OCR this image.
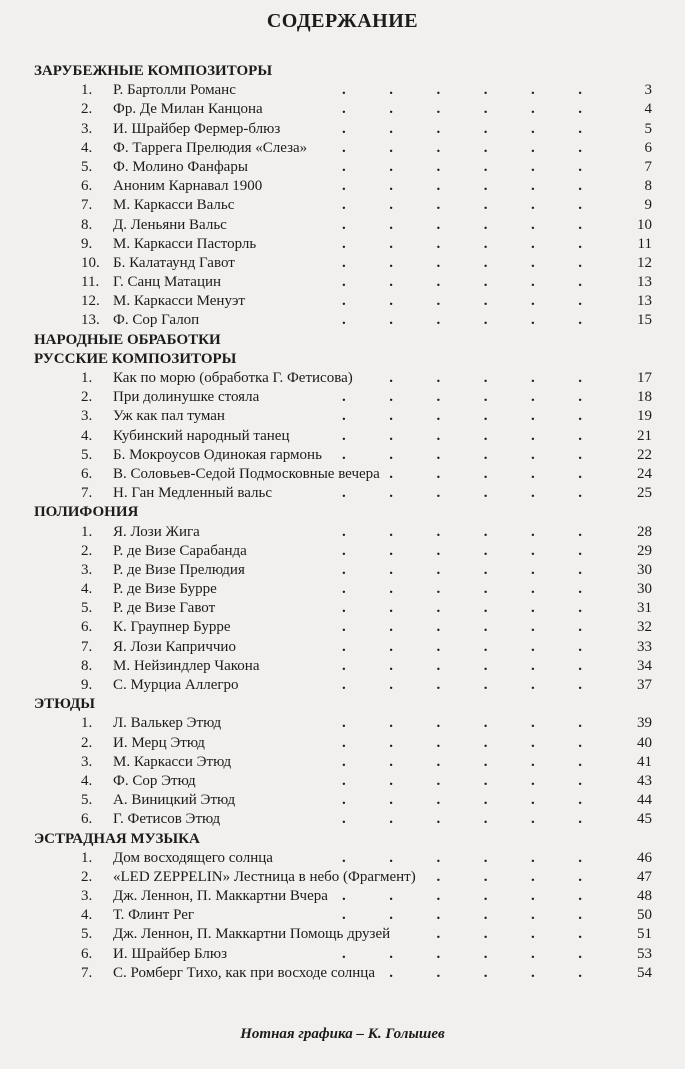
СОДЕРЖАНИЕ
ЗАРУБЕЖНЫЕ КОМПОЗИТОРЫ
.	.	.	.	.	.
1. Р. Бартолли Романс	3
.	.	.	.	.	.
2. Фр. Де Милан Канцона	4
.	.	.	.	.	.
3. И. Шрайбер Фермер-блюз	5
.	.	.	.	.	.
4. Ф. Таррега Прелюдия «Слеза»	6
.	.	.	.	.	.
5. Ф. Молино Фанфары	7
.	.	.	.	.	.
6. Аноним Карнавал 1900	8
.	.	.	.	.	.
7. М. Каркасси Вальс	9
.	.	.	.	.	.
8. Д. Леньяни Вальс	10
.	.	.	.	.	.
9. М. Каркасси Пасторль	11
.	.	.	.	.	.
10. Б. Калатаунд Гавот	12
.	.	.	.	.	.
11. Г. Санц Матацин	13
.	.	.	.	.	.
12. М. Каркасси Менуэт	13
.	.	.	.	.	.
13. Ф. Сор Галоп	15
НАРОДНЫЕ ОБРАБОТКИ
РУССКИЕ КОМПОЗИТОРЫ
.	.	.	.	.
1. Как по морю (обработка Г. Фетисова)	17
.	.	.	.	.	.
2. При долинушке стояла	18
.	.	.	.	.	.
3. Уж как пал туман	19
.	.	.	.	.	.
4. Кубинский народный танец	21
.	.	.	.	.	.
5. Б. Мокроусов Одинокая гармонь	22
.	.	.	.	.
6. В. Соловьев-Седой Подмосковные вечера	24
.	.	.	.	.	.
7. Н. Ган Медленный вальс	25
ПОЛИФОНИЯ
.	.	.	.	.	.
1. Я. Лози Жига	28
.	.	.	.	.	.
2. Р. де Визе Сарабанда	29
.	.	.	.	.	.
3. Р. де Визе Прелюдия	30
.	.	.	.	.	.
4. Р. де Визе Бурре	30
.	.	.	.	.	.
5. Р. де Визе Гавот	31
.	.	.	.	.	.
6. К. Граупнер Бурре	32
.	.	.	.	.	.
7. Я. Лози Каприччио	33
.	.	.	.	.	.
8. М. Нейзиндлер Чакона	34
.	.	.	.	.	.
9. С. Мурциа Аллегро	37
ЭТЮДЫ
.	.	.	.	.	.
1. Л. Валькер Этюд	39
.	.	.	.	.	.
2. И. Мерц Этюд	40
.	.	.	.	.	.
3. М. Каркасси Этюд	41
.	.	.	.	.	.
4. Ф. Сор Этюд	43
.	.	.	.	.	.
5. А. Виницкий Этюд	44
.	.	.	.	.	.
6. Г. Фетисов Этюд	45
ЭСТРАДНАЯ МУЗЫКА
.	.	.	.	.	.
1. Дом восходящего солнца	46
.	.	.	.
2. «LED ZEPPELIN» Лестница в небо (Фрагмент)	47
.	.	.	.	.	.
3. Дж. Леннон, П. Маккартни Вчера	48
.	.	.	.	.	.
4. Т. Флинт Рег	50
.	.	.	.
5. Дж. Леннон, П. Маккартни Помощь друзей	51
.	.	.	.	.	.
6. И. Шрайбер Блюз	53
.	.	.	.	.
7. С. Ромберг Тихо, как при восходе солнца	54
Нотная графика – К. Голышев
